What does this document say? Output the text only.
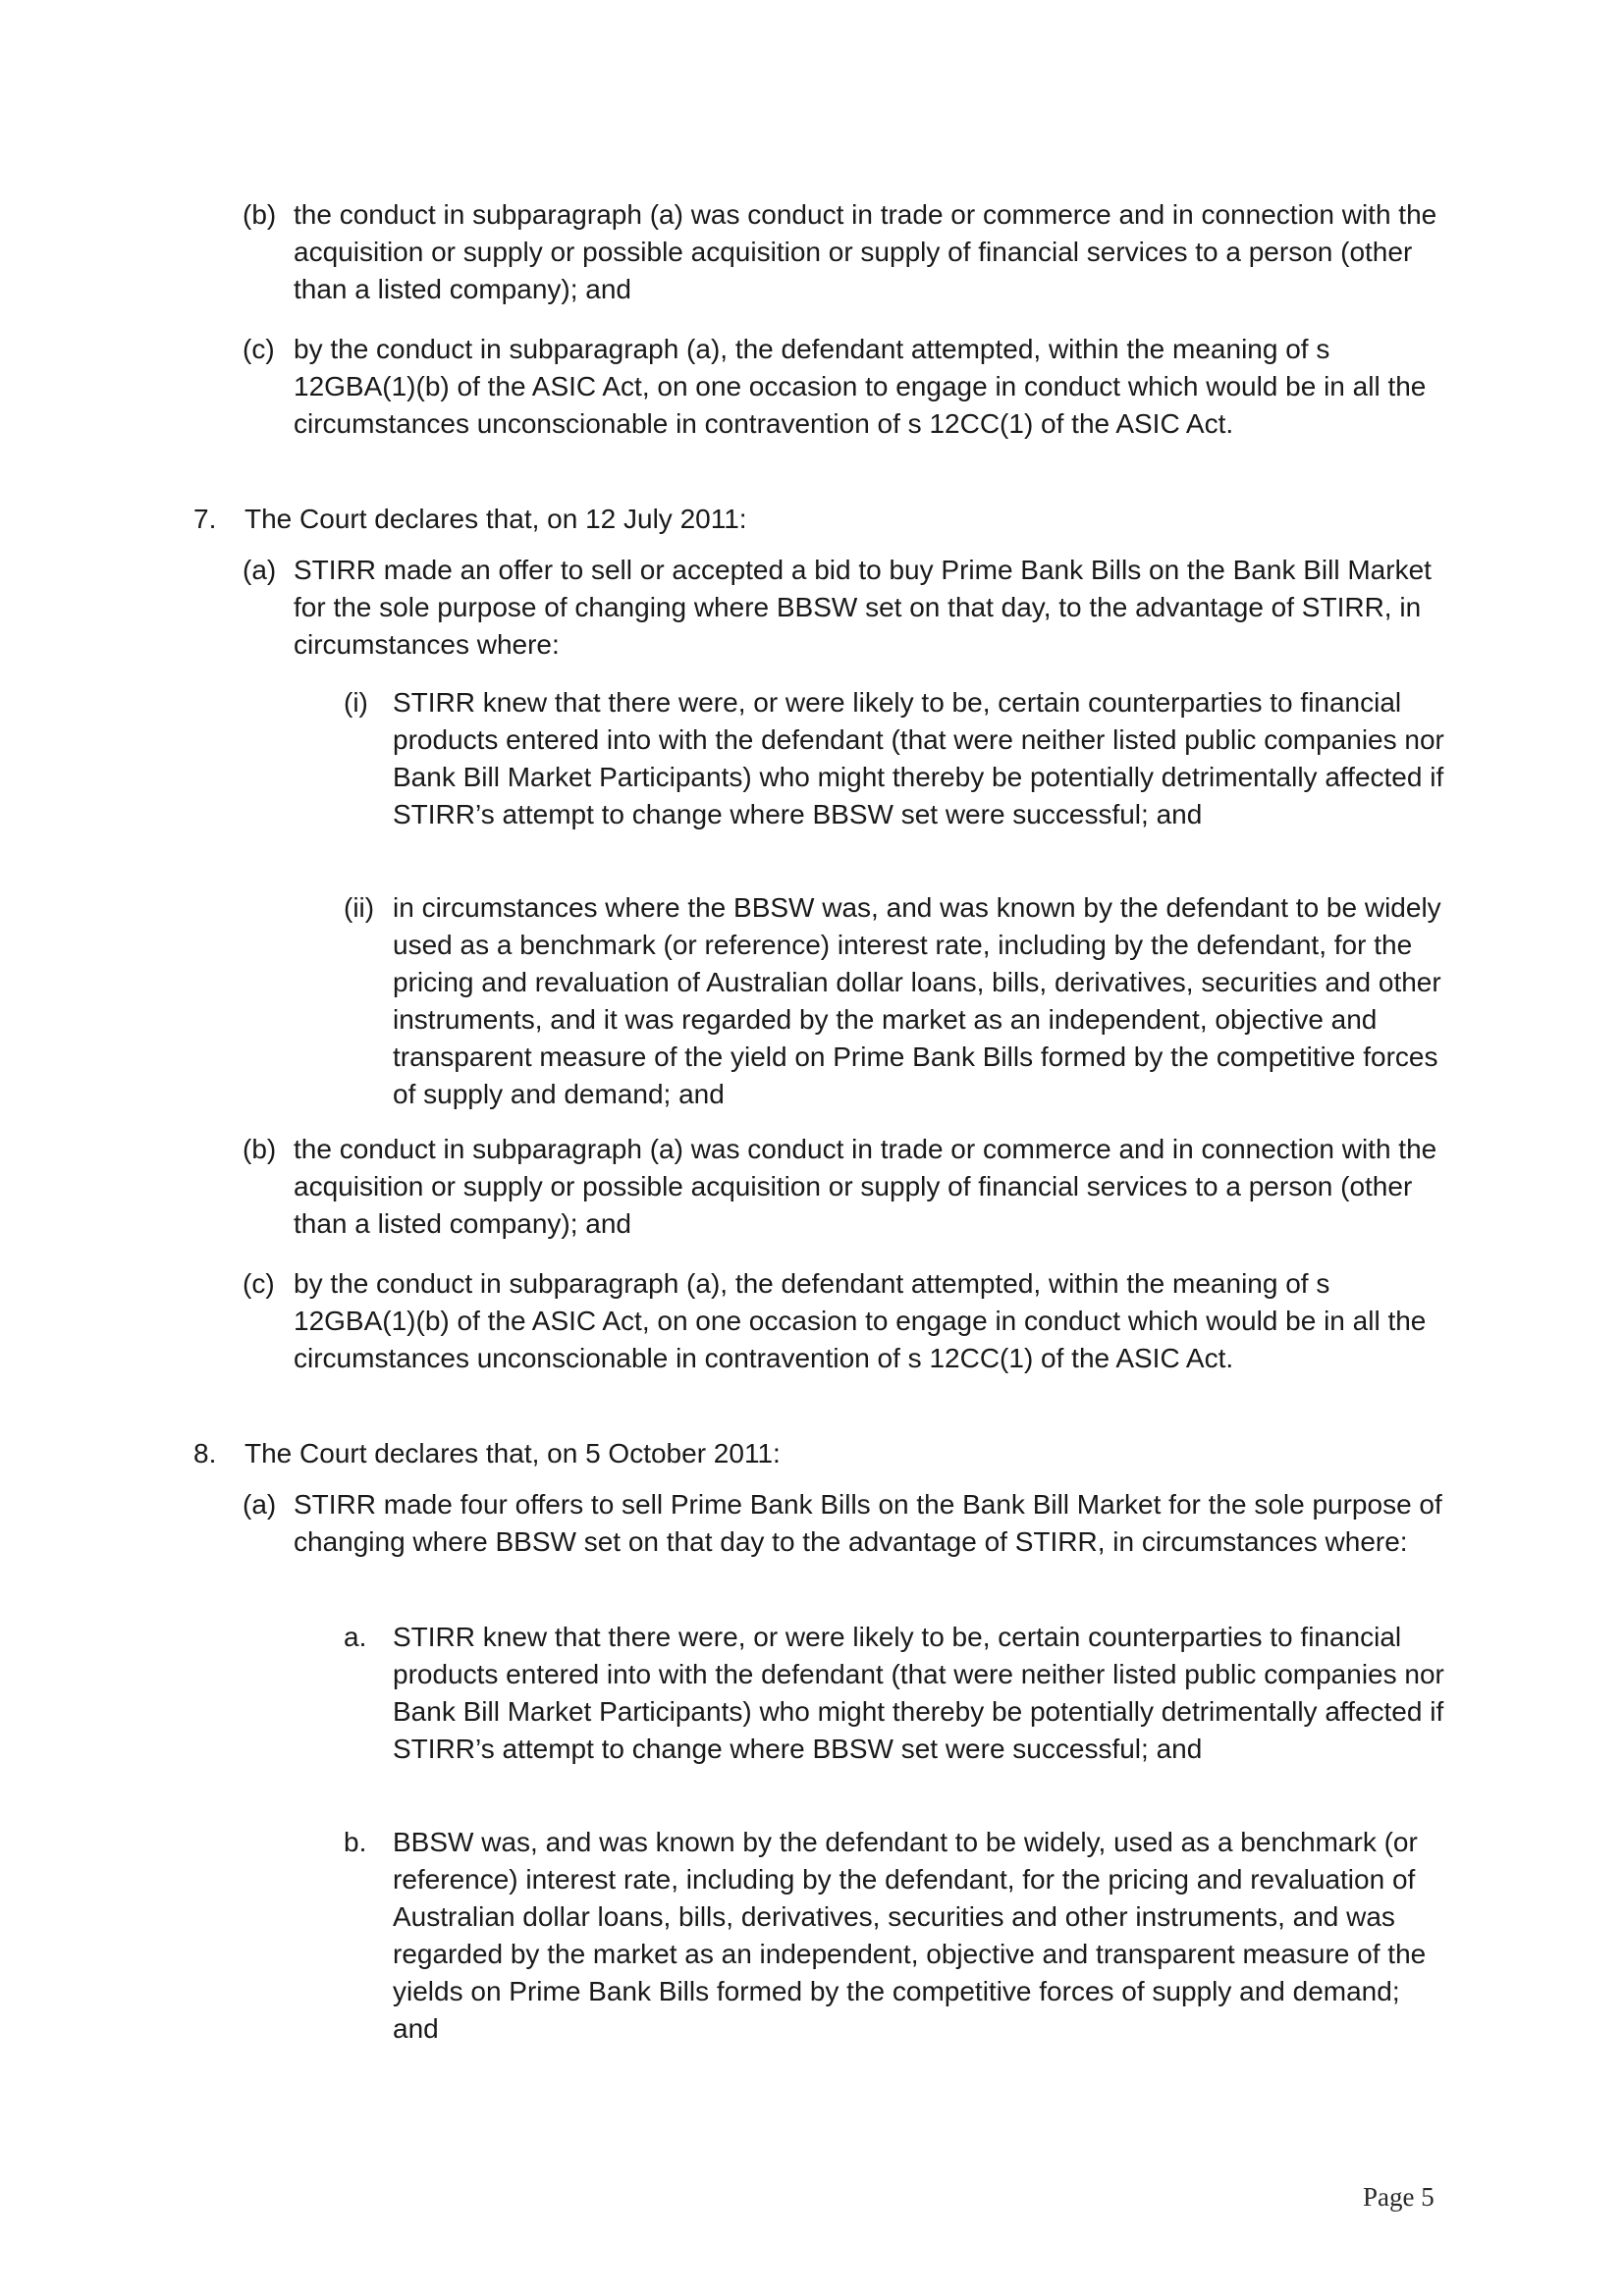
(b) the conduct in subparagraph (a) was conduct in trade or commerce and in connection with the acquisition or supply or possible acquisition or supply of financial services to a person (other than a listed company); and
(c) by the conduct in subparagraph (a), the defendant attempted, within the meaning of s 12GBA(1)(b) of the ASIC Act, on one occasion to engage in conduct which would be in all the circumstances unconscionable in contravention of s 12CC(1) of the ASIC Act.
7. The Court declares that, on 12 July 2011:
(a) STIRR made an offer to sell or accepted a bid to buy Prime Bank Bills on the Bank Bill Market for the sole purpose of changing where BBSW set on that day, to the advantage of STIRR, in circumstances where:
(i) STIRR knew that there were, or were likely to be, certain counterparties to financial products entered into with the defendant (that were neither listed public companies nor Bank Bill Market Participants) who might thereby be potentially detrimentally affected if STIRR’s attempt to change where BBSW set were successful; and
(ii) in circumstances where the BBSW was, and was known by the defendant to be widely used as a benchmark (or reference) interest rate, including by the defendant, for the pricing and revaluation of Australian dollar loans, bills, derivatives, securities and other instruments, and it was regarded by the market as an independent, objective and transparent measure of the yield on Prime Bank Bills formed by the competitive forces of supply and demand; and
(b) the conduct in subparagraph (a) was conduct in trade or commerce and in connection with the acquisition or supply or possible acquisition or supply of financial services to a person (other than a listed company); and
(c) by the conduct in subparagraph (a), the defendant attempted, within the meaning of s 12GBA(1)(b) of the ASIC Act, on one occasion to engage in conduct which would be in all the circumstances unconscionable in contravention of s 12CC(1) of the ASIC Act.
8. The Court declares that, on 5 October 2011:
(a) STIRR made four offers to sell Prime Bank Bills on the Bank Bill Market for the sole purpose of changing where BBSW set on that day to the advantage of STIRR, in circumstances where:
a. STIRR knew that there were, or were likely to be, certain counterparties to financial products entered into with the defendant (that were neither listed public companies nor Bank Bill Market Participants) who might thereby be potentially detrimentally affected if STIRR’s attempt to change where BBSW set were successful; and
b. BBSW was, and was known by the defendant to be widely, used as a benchmark (or reference) interest rate, including by the defendant, for the pricing and revaluation of Australian dollar loans, bills, derivatives, securities and other instruments, and was regarded by the market as an independent, objective and transparent measure of the yields on Prime Bank Bills formed by the competitive forces of supply and demand; and
Page 5
